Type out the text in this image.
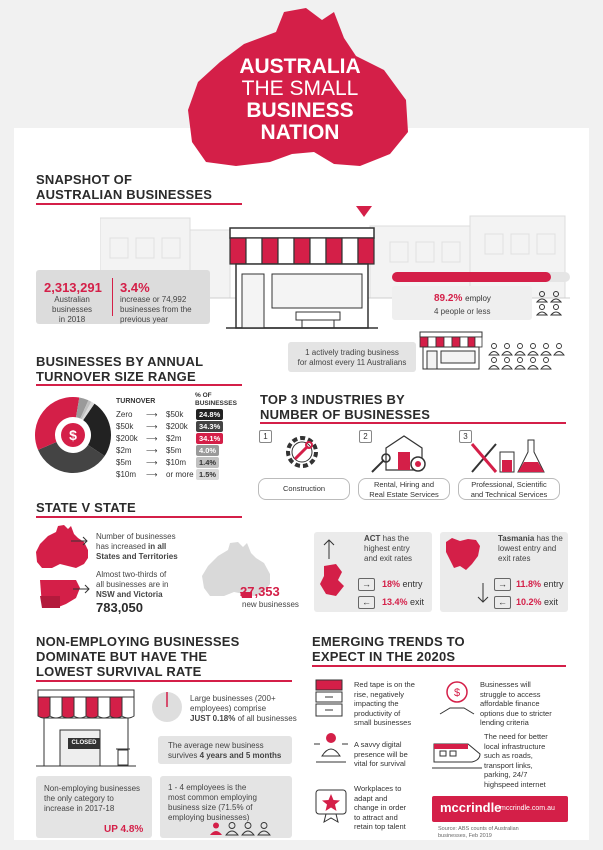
AUSTRALIA
THE SMALL
BUSINESS
NATION
SNAPSHOT OF
AUSTRALIAN BUSINESSES
2,313,291
Australian
businesses
in 2018
3.4%
increase or 74,992
businesses from the
previous year
89.2% employ
4 people or less
1 actively trading business
for almost every 11 Australians
BUSINESSES BY ANNUAL
TURNOVER SIZE RANGE
$
TURNOVER
% OF
BUSINESSES
Zero	⟶	$50k	24.8%
$50k	⟶	$200k	34.3%
$200k	⟶	$2m	34.1%
$2m	⟶	$5m	4.0%
$5m	⟶	$10m	1.4%
$10m	⟶	or more 1.5%
TOP 3 INDUSTRIES BY
NUMBER OF BUSINESSES
1	2	3
Construction	Rental, Hiring and
Real Estate Services
Professional, Scientific
and Technical Services
STATE V STATE
Number of businesses
has increased in all
States and Territories
Almost two-thirds of
all businesses are in
NSW and Victoria
783,050
27,353
new businesses
ACT has the
highest entry
and exit rates
→	18% entry
←	13.4% exit
Tasmania has the
lowest entry and
exit rates
→	11.8% entry
←	10.2% exit
NON-EMPLOYING BUSINESSES
DOMINATE BUT HAVE THE
LOWEST SURVIVAL RATE
CLOSED
Large businesses (200+
employees) comprise
JUST 0.18% of all businesses
The average new business
survives 4 years and 5 months
Non-employing businesses
the only category to
increase in 2017-18
UP 4.8%
1 - 4 employees is the
most common employing
business size (71.5% of
employing businesses)
EMERGING TRENDS TO
EXPECT IN THE 2020S
Red tape is on the
rise, negatively
impacting the
productivity of
small businesses
$
Businesses will
struggle to access
affordable finance
options due to stricter
lending criteria
A savvy digital
presence will be
vital for survival
The need for better
local infrastructure
such as roads,
transport links,
parking, 24/7
highspeed internet
Workplaces to
adapt and
change in order
to attract and
retain top talent
mccrindle
mccrindle.com.au
Source: ABS counts of Australian
businesses, Feb 2019
